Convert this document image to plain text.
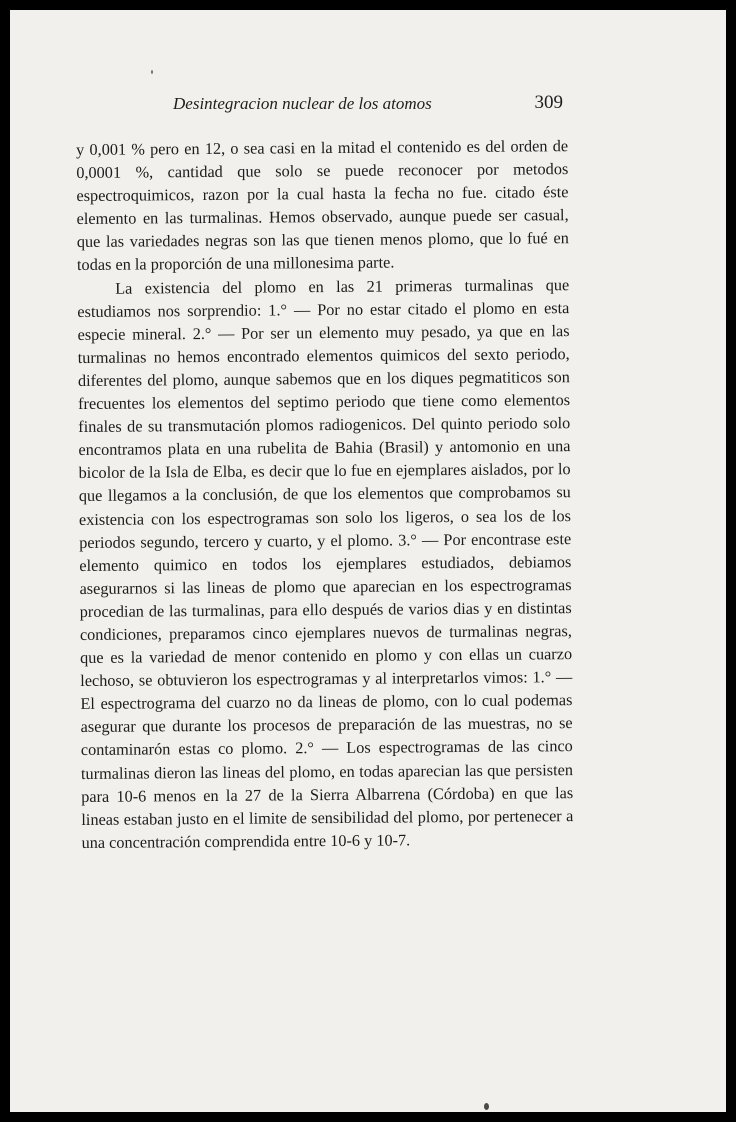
Desintegracion nuclear de los atomos	309

y 0,001 % pero en 12, o sea casi en la mitad el contenido es del orden de 0,0001 %, cantidad que solo se puede reconocer por metodos espectroquimicos, razon por la cual hasta la fecha no fue. citado éste elemento en las turmalinas. Hemos observado, aunque puede ser casual, que las variedades negras son las que tienen menos plomo, que lo fué en todas en la proporción de una millonesima parte.

La existencia del plomo en las 21 primeras turmalinas que estudiamos nos sorprendio: 1.° — Por no estar citado el plomo en esta especie mineral. 2.° — Por ser un elemento muy pesado, ya que en las turmalinas no hemos encontrado elementos quimicos del sexto periodo, diferentes del plomo, aunque sabemos que en los diques pegmatiticos son frecuentes los elementos del septimo periodo que tiene como elementos finales de su transmutación plomos radiogenicos. Del quinto periodo solo encontramos plata en una rubelita de Bahia (Brasil) y antomonio en una bicolor de la Isla de Elba, es decir que lo fue en ejemplares aislados, por lo que llegamos a la conclusión, de que los elementos que comprobamos su existencia con los espectrogramas son solo los ligeros, o sea los de los periodos segundo, tercero y cuarto, y el plomo. 3.° — Por encontrase este elemento quimico en todos los ejemplares estudiados, debiamos asegurarnos si las lineas de plomo que aparecian en los espectrogramas procedian de las turmalinas, para ello después de varios dias y en distintas condiciones, preparamos cinco ejemplares nuevos de turmalinas negras, que es la variedad de menor contenido en plomo y con ellas un cuarzo lechoso, se obtuvieron los espectrogramas y al interpretarlos vimos: 1.° — El espectrograma del cuarzo no da lineas de plomo, con lo cual podemas asegurar que durante los procesos de preparación de las muestras, no se contaminarón estas co plomo. 2.° — Los espectrogramas de las cinco turmalinas dieron las lineas del plomo, en todas aparecian las que persisten para 10-6 menos en la 27 de la Sierra Albarrena (Córdoba) en que las lineas estaban justo en el limite de sensibilidad del plomo, por pertenecer a una concentración comprendida entre 10-6 y 10-7.
